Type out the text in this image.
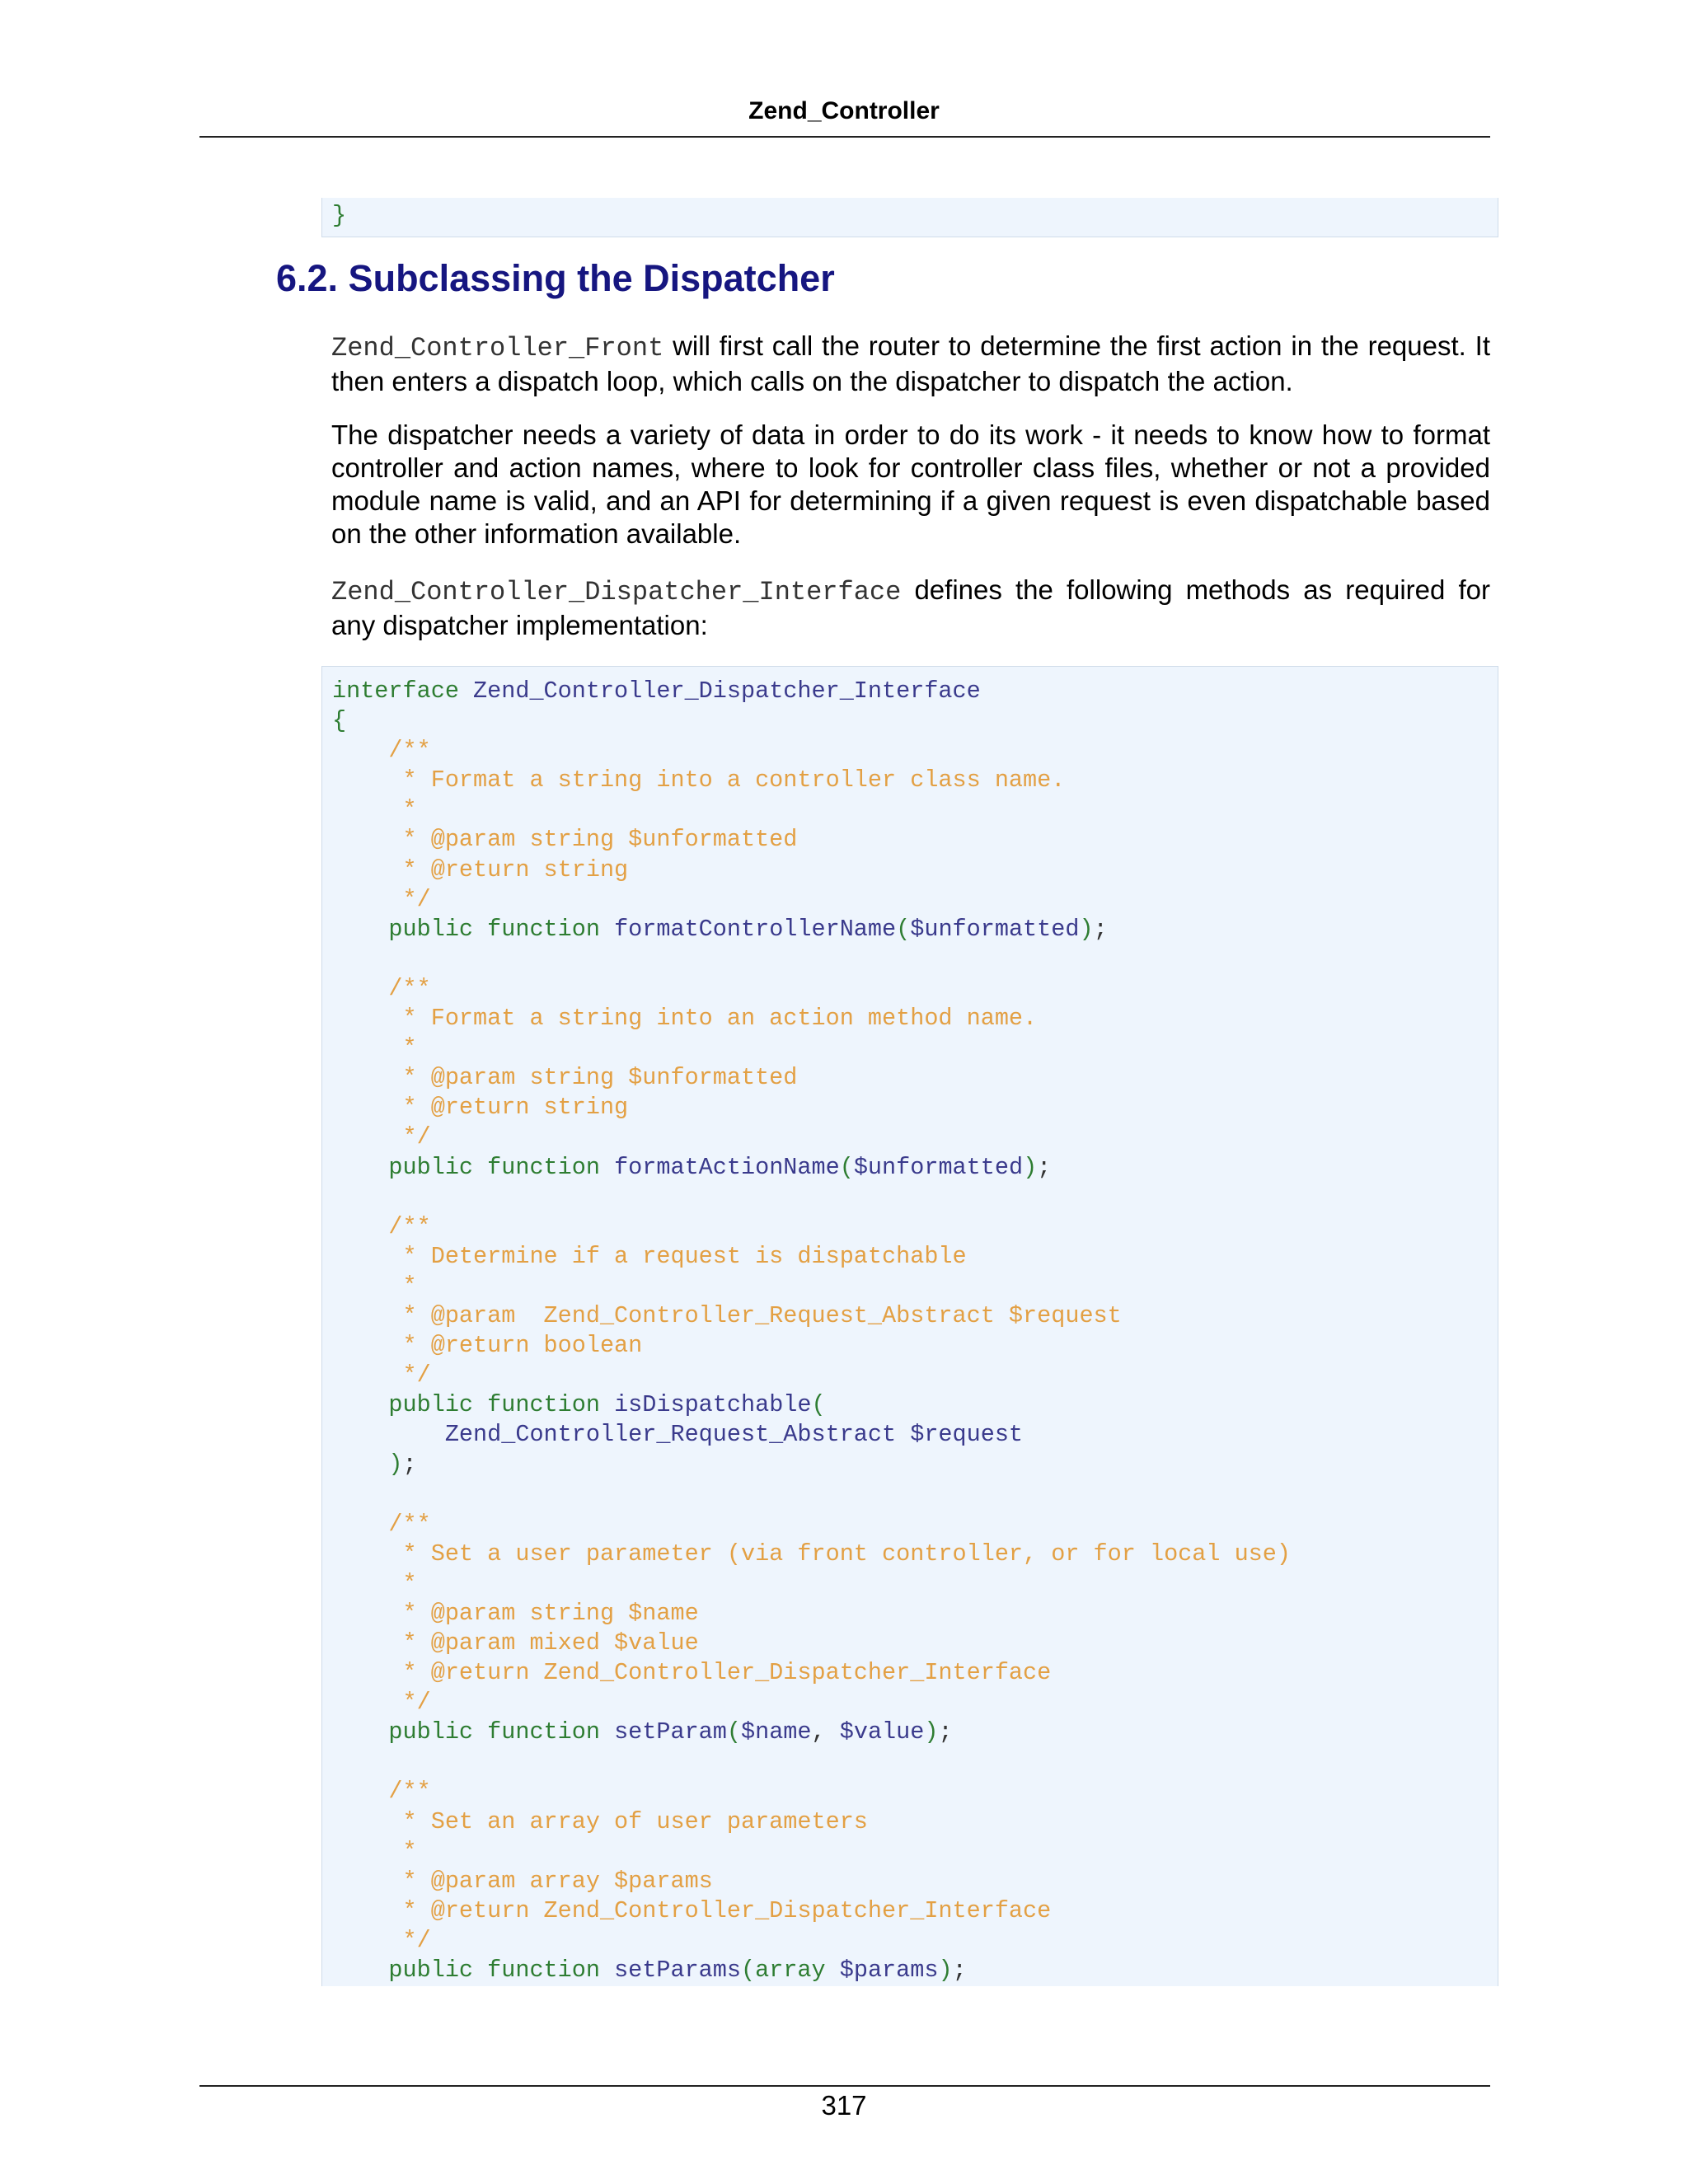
Zend_Controller
}
6.2. Subclassing the Dispatcher

Zend_Controller_Front will first call the router to determine the first action in the request. It then enters a dispatch loop, which calls on the dispatcher to dispatch the action.

The dispatcher needs a variety of data in order to do its work - it needs to know how to format controller and action names, where to look for controller class files, whether or not a provided module name is valid, and an API for determining if a given request is even dispatchable based on the other information available.

Zend_Controller_Dispatcher_Interface defines the following methods as required for any dispatcher implementation:

interface Zend_Controller_Dispatcher_Interface
{
/**
* Format a string into a controller class name.
*
* @param string $unformatted
* @return string
*/
public function formatControllerName($unformatted);

/**
* Format a string into an action method name.
*
* @param string $unformatted
* @return string
*/
public function formatActionName($unformatted);

/**
* Determine if a request is dispatchable
*
* @param  Zend_Controller_Request_Abstract $request
* @return boolean
*/
public function isDispatchable(
Zend_Controller_Request_Abstract $request
);

/**
* Set a user parameter (via front controller, or for local use)
*
* @param string $name
* @param mixed $value
* @return Zend_Controller_Dispatcher_Interface
*/
public function setParam($name, $value);

/**
* Set an array of user parameters
*
* @param array $params
* @return Zend_Controller_Dispatcher_Interface
*/
public function setParams(array $params);
317
